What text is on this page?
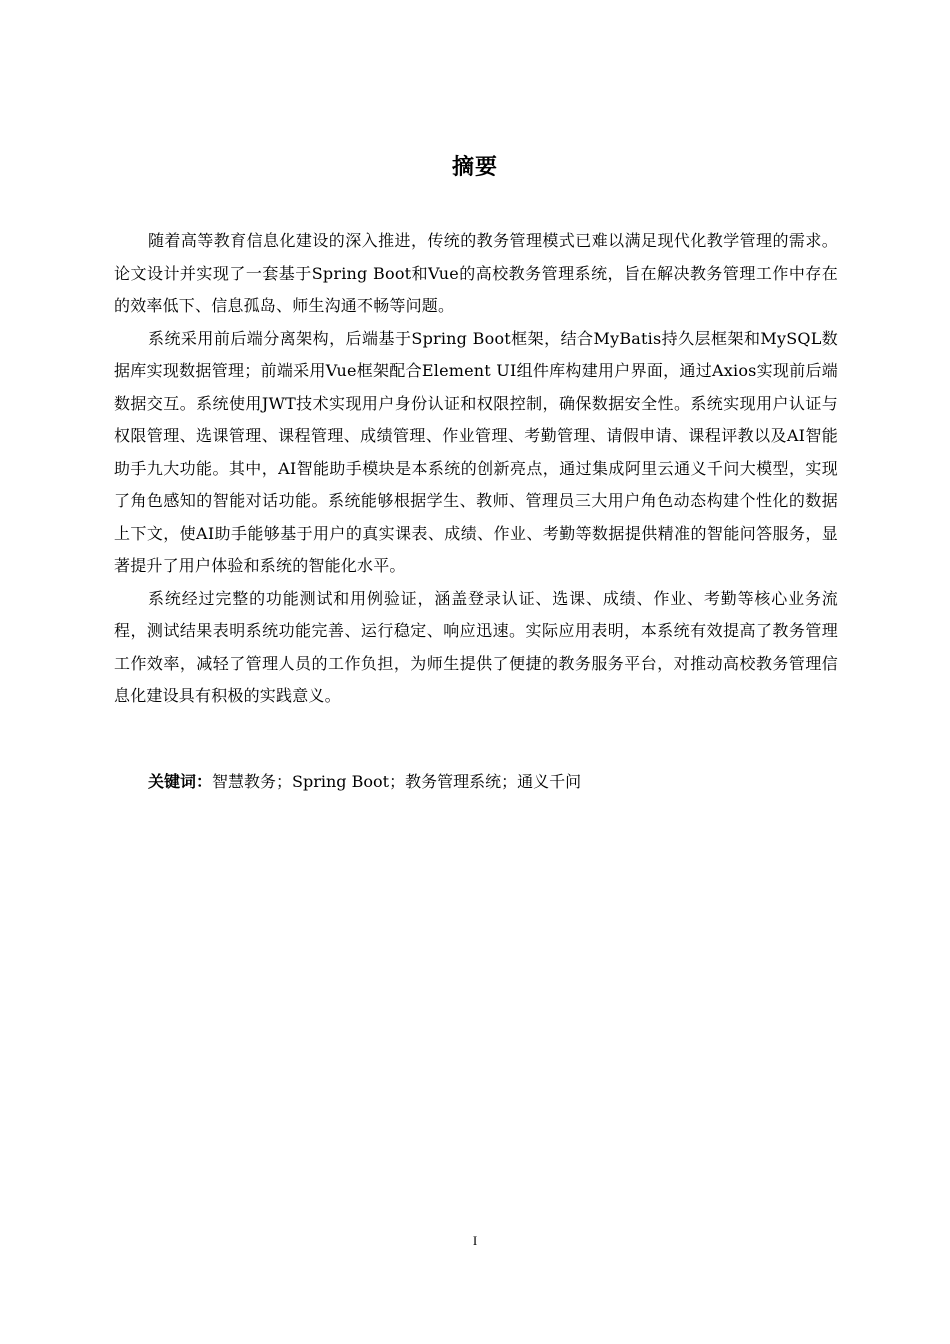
摘要

随着高等教育信息化建设的深入推进，传统的教务管理模式已难以满足现代化教学管理的需求。论文设计并实现了一套基于Spring Boot和Vue的高校教务管理系统，旨在解决教务管理工作中存在的效率低下、信息孤岛、师生沟通不畅等问题。

系统采用前后端分离架构，后端基于Spring Boot框架，结合MyBatis持久层框架和MySQL数据库实现数据管理；前端采用Vue框架配合Element UI组件库构建用户界面，通过Axios实现前后端数据交互。系统使用JWT技术实现用户身份认证和权限控制，确保数据安全性。系统实现用户认证与权限管理、选课管理、课程管理、成绩管理、作业管理、考勤管理、请假申请、课程评教以及AI智能助手九大功能。其中，AI智能助手模块是本系统的创新亮点，通过集成阿里云通义千问大模型，实现了角色感知的智能对话功能。系统能够根据学生、教师、管理员三大用户角色动态构建个性化的数据上下文，使AI助手能够基于用户的真实课表、成绩、作业、考勤等数据提供精准的智能问答服务，显著提升了用户体验和系统的智能化水平。

系统经过完整的功能测试和用例验证，涵盖登录认证、选课、成绩、作业、考勤等核心业务流程，测试结果表明系统功能完善、运行稳定、响应迅速。实际应用表明，本系统有效提高了教务管理工作效率，减轻了管理人员的工作负担，为师生提供了便捷的教务服务平台，对推动高校教务管理信息化建设具有积极的实践意义。

关键词：智慧教务；Spring Boot；教务管理系统；通义千问
I
